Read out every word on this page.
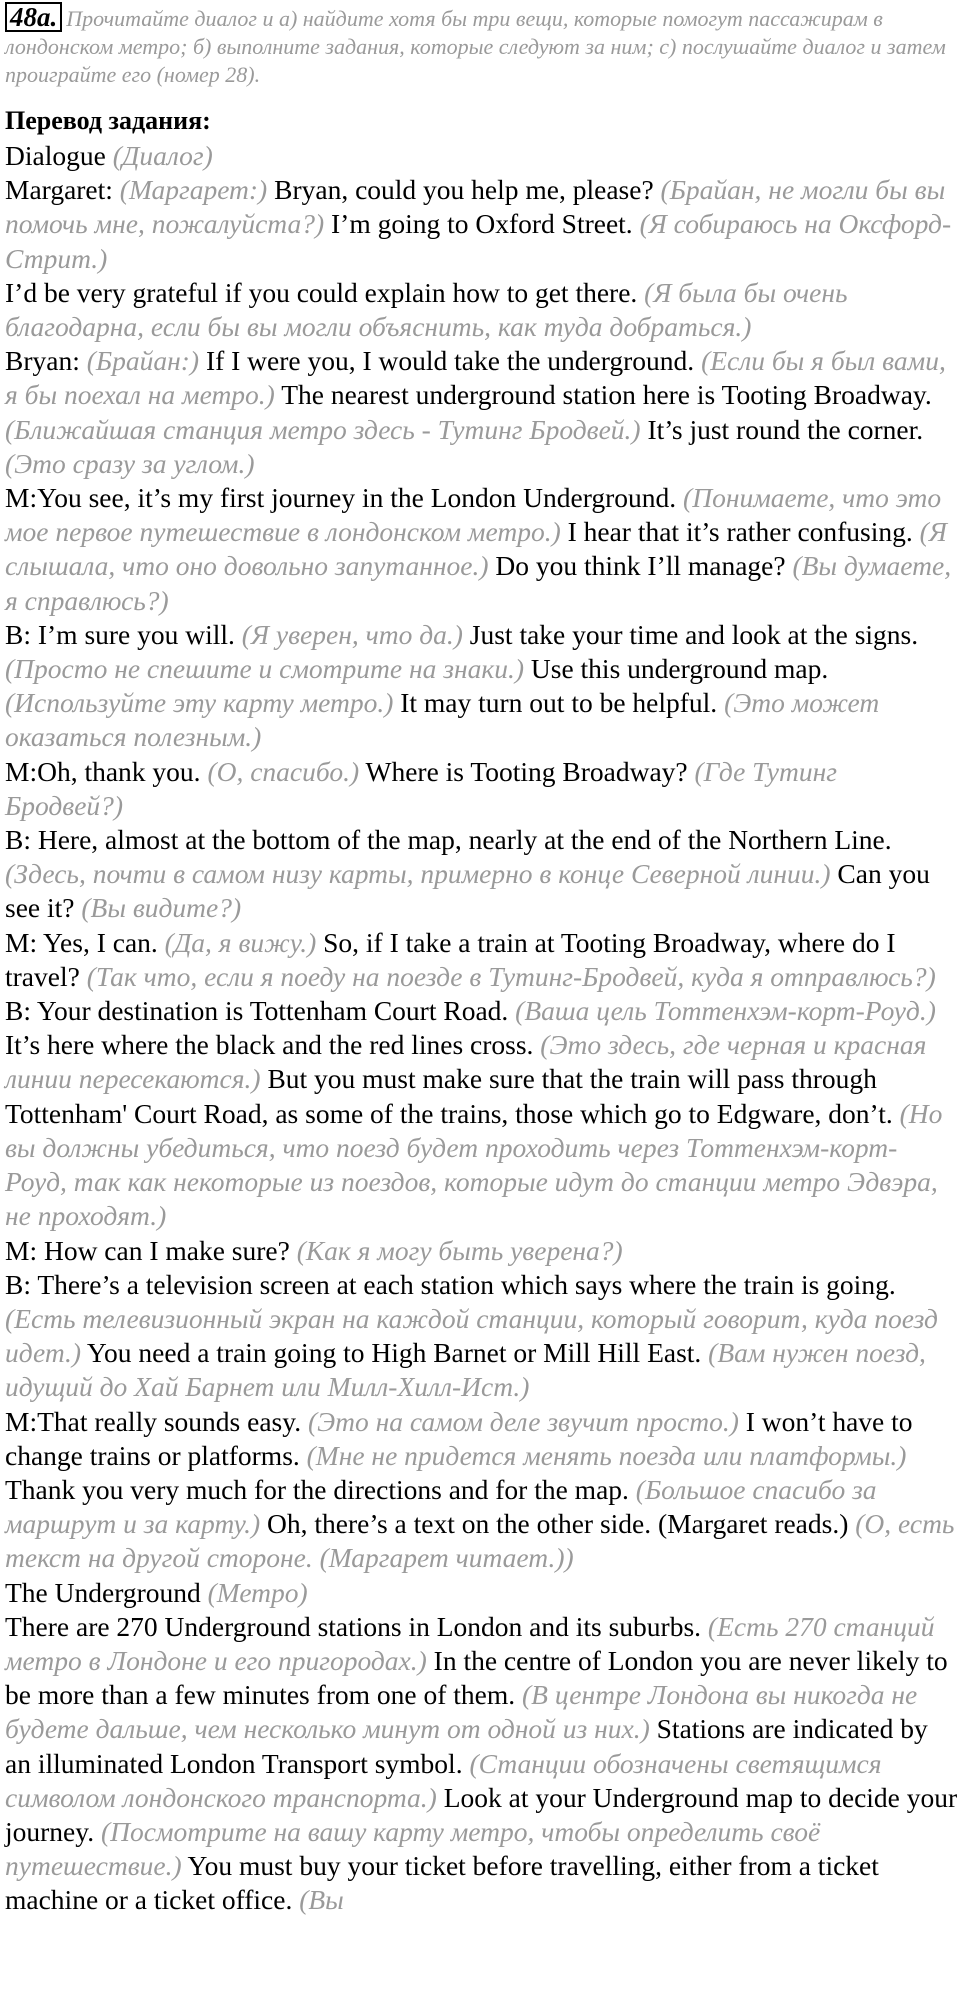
48a. Прочитайте диалог и а) найдите хотя бы три вещи, которые помогут пассажирам в лондонском метро; б) выполните задания, которые следуют за ним; с) послушайте диалог и затем проиграйте его (номер 28).
Перевод задания:
Dialogue (Диалог)
Margaret: (Маргарет:) Bryan, could you help me, please? (Брайан, не могли бы вы помочь мне, пожалуйста?) I’m going to Oxford Street. (Я собираюсь на Оксфорд-Стрит.)
I’d be very grateful if you could explain how to get there. (Я была бы очень благодарна, если бы вы могли объяснить, как туда добраться.)
Bryan: (Брайан:) If I were you, I would take the underground. (Если бы я был вами, я бы поехал на метро.) The nearest underground station here is Tooting Broadway. (Ближайшая станция метро здесь - Тутинг Бродвей.) It’s just round the corner. (Это сразу за углом.)
M:You see, it’s my first journey in the London Underground. (Понимаете, что это мое первое путешествие в лондонском метро.) I hear that it’s rather confusing. (Я слышала, что оно довольно запутанное.) Do you think I’ll manage? (Вы думаете, я справлюсь?)
B: I’m sure you will. (Я уверен, что да.) Just take your time and look at the signs. (Просто не спешите и смотрите на знаки.) Use this underground map. (Используйте эту карту метро.) It may turn out to be helpful. (Это может оказаться полезным.)
M:Oh, thank you. (О, спасибо.) Where is Tooting Broadway? (Где Тутинг Бродвей?)
B: Here, almost at the bottom of the map, nearly at the end of the Northern Line. (Здесь, почти в самом низу карты, примерно в конце Северной линии.) Can you see it? (Вы видите?)
M: Yes, I can. (Да, я вижу.) So, if I take a train at Tooting Broadway, where do I travel? (Так что, если я поеду на поезде в Тутинг-Бродвей, куда я отправлюсь?)
B: Your destination is Tottenham Court Road. (Ваша цель Тоттенхэм-корт-Роуд.) It’s here where the black and the red lines cross. (Это здесь, где черная и красная линии пересекаются.) But you must make sure that the train will pass through Tottenham' Court Road, as some of the trains, those which go to Edgware, don’t. (Но вы должны убедиться, что поезд будет проходить через Тоттенхэм-корт-Роуд, так как некоторые из поездов, которые идут до станции метро Эдвэра, не проходят.)
M: How can I make sure? (Как я могу быть уверена?)
B: There’s a television screen at each station which says where the train is going. (Есть телевизионный экран на каждой станции, который говорит, куда поезд идет.) You need a train going to High Barnet or Mill Hill East. (Вам нужен поезд, идущий до Хай Барнет или Милл-Хилл-Ист.)
M:That really sounds easy. (Это на самом деле звучит просто.) I won’t have to change trains or platforms. (Мне не придется менять поезда или платформы.) Thank you very much for the directions and for the map. (Большое спасибо за маршрут и за карту.) Oh, there’s a text on the other side. (Margaret reads.) (О, есть текст на другой стороне. (Маргарет читает.))
The Underground (Метро)
There are 270 Underground stations in London and its suburbs. (Есть 270 станций метро в Лондоне и его пригородах.) In the centre of London you are never likely to be more than a few minutes from one of them. (В центре Лондона вы никогда не будете дальше, чем несколько минут от одной из них.) Stations are indicated by an illuminated London Transport symbol. (Станции обозначены светящимся символом лондонского транспорта.) Look at your Underground map to decide your journey. (Посмотрите на вашу карту метро, чтобы определить своё путешествие.) You must buy your ticket before travelling, either from a ticket machine or a ticket office. (Вы
